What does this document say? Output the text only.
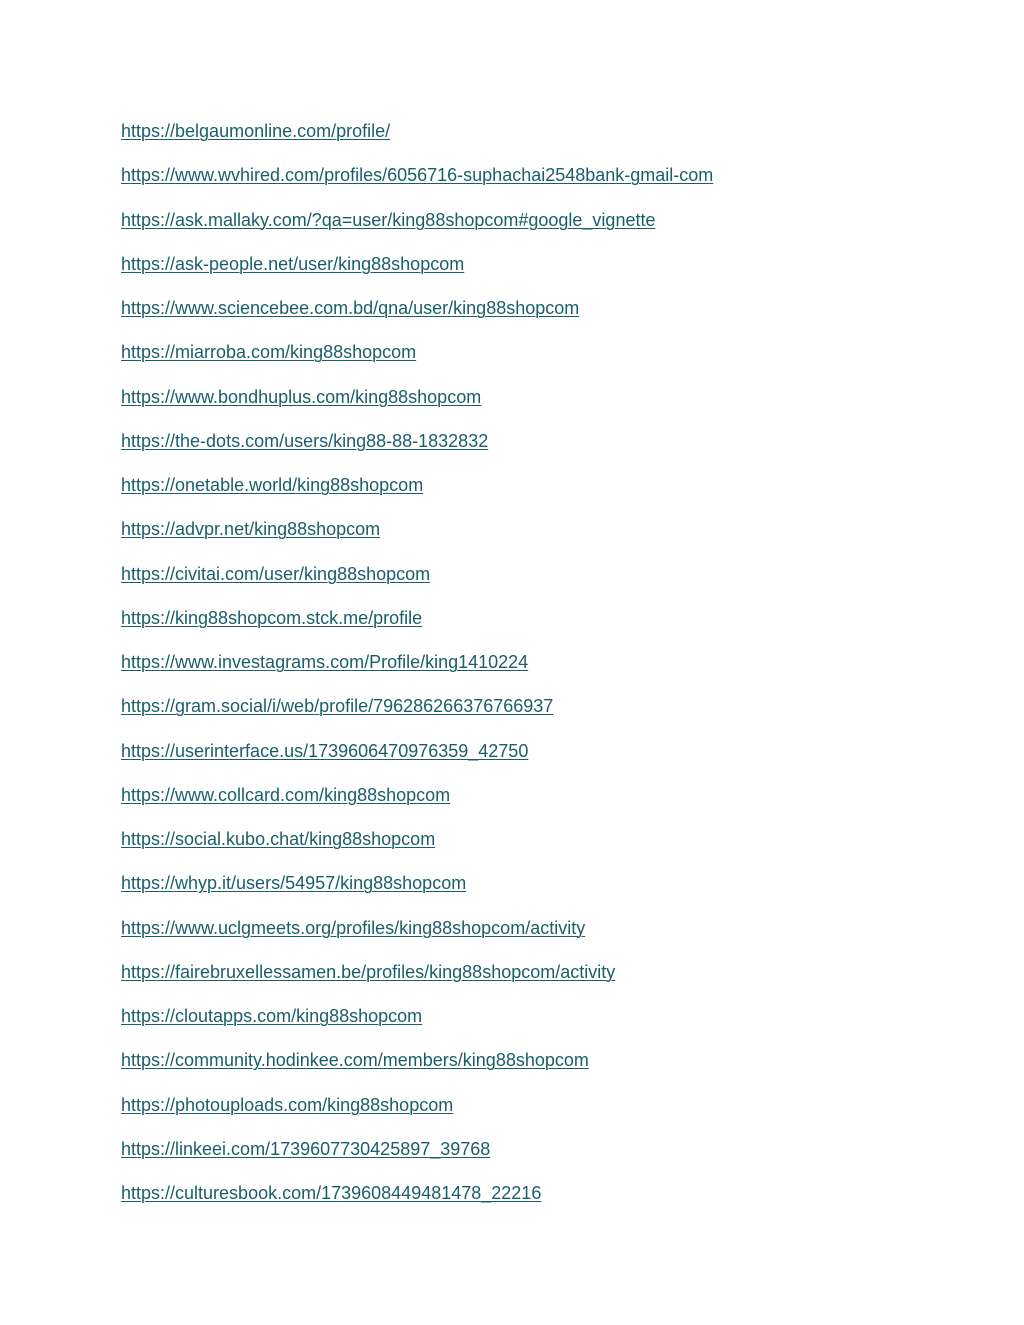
https://belgaumonline.com/profile/
https://www.wvhired.com/profiles/6056716-suphachai2548bank-gmail-com
https://ask.mallaky.com/?qa=user/king88shopcom#google_vignette
https://ask-people.net/user/king88shopcom
https://www.sciencebee.com.bd/qna/user/king88shopcom
https://miarroba.com/king88shopcom
https://www.bondhuplus.com/king88shopcom
https://the-dots.com/users/king88-88-1832832
https://onetable.world/king88shopcom
https://advpr.net/king88shopcom
https://civitai.com/user/king88shopcom
https://king88shopcom.stck.me/profile
https://www.investagrams.com/Profile/king1410224
https://gram.social/i/web/profile/796286266376766937
https://userinterface.us/1739606470976359_42750
https://www.collcard.com/king88shopcom
https://social.kubo.chat/king88shopcom
https://whyp.it/users/54957/king88shopcom
https://www.uclgmeets.org/profiles/king88shopcom/activity
https://fairebruxellessamen.be/profiles/king88shopcom/activity
https://cloutapps.com/king88shopcom
https://community.hodinkee.com/members/king88shopcom
https://photouploads.com/king88shopcom
https://linkeei.com/1739607730425897_39768
https://culturesbook.com/1739608449481478_22216
